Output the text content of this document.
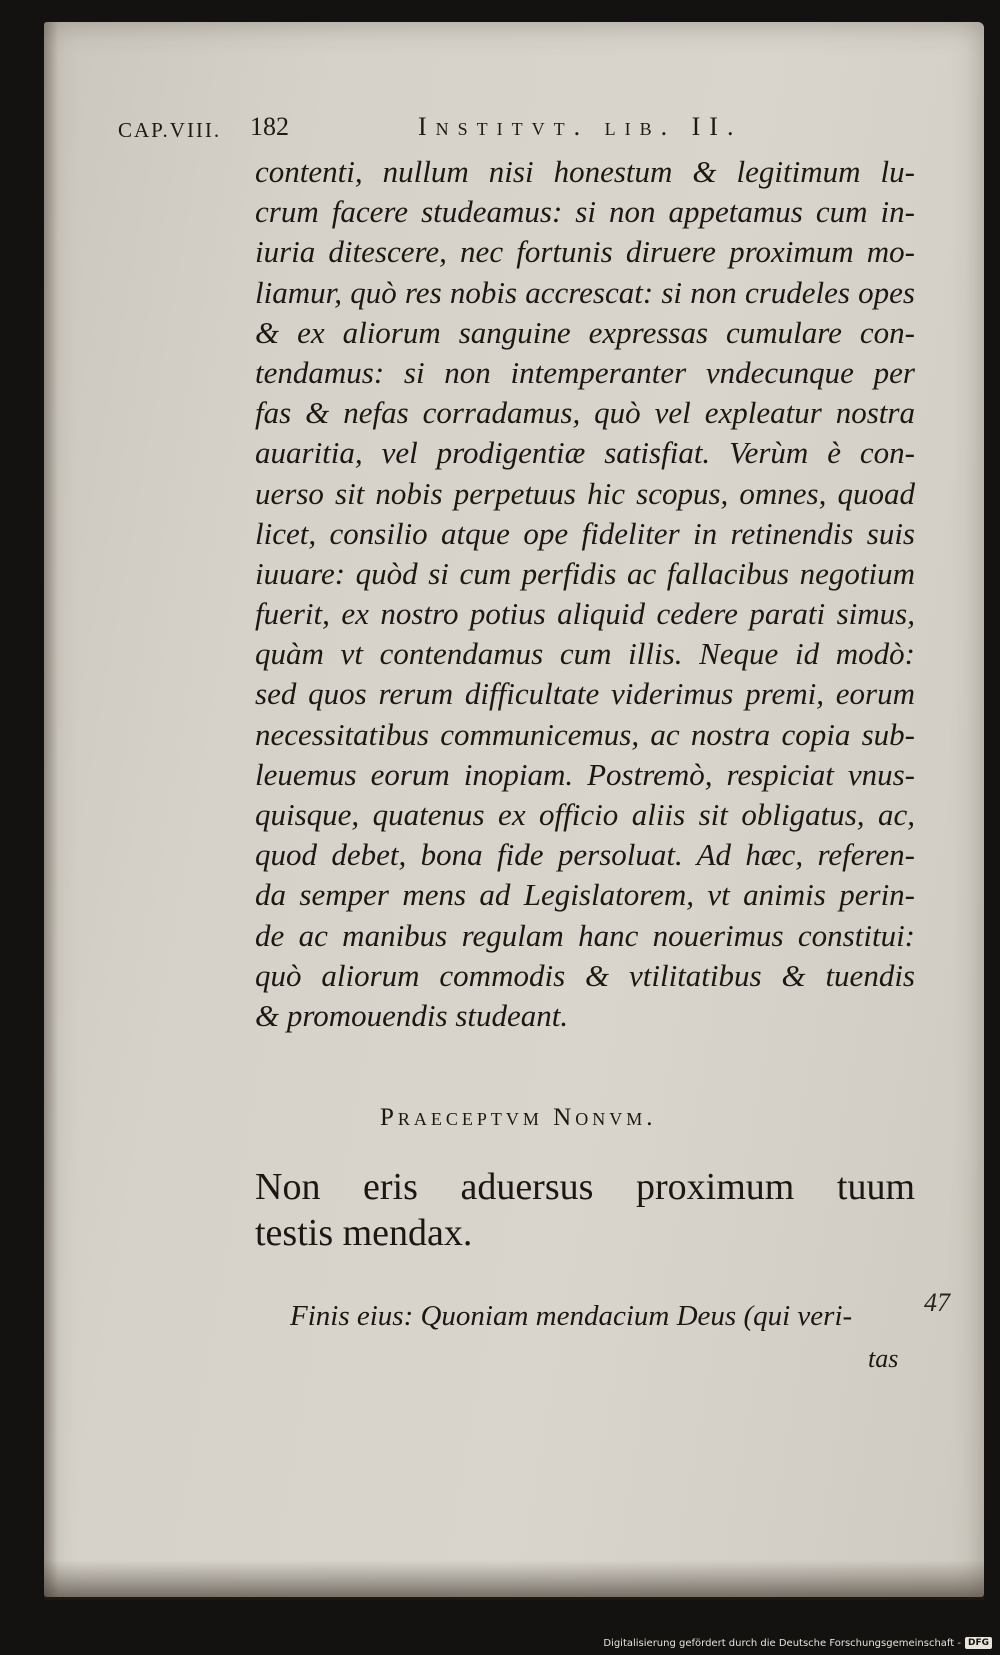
CAP.VIII. 182	Institvt. lib. II.
contenti, nullum nisi honestum & legitimum lu-
crum facere studeamus: si non appetamus cum in-
iuria ditescere, nec fortunis diruere proximum mo-
liamur, quò res nobis accrescat: si non crudeles opes
& ex aliorum sanguine expressas cumulare con-
tendamus: si non intemperanter vndecunque per
fas & nefas corradamus, quò vel expleatur nostra
auaritia, vel prodigentiæ satisfiat. Verùm è con-
uerso sit nobis perpetuus hic scopus, omnes, quoad
licet, consilio atque ope fideliter in retinendis suis
iuuare: quòd si cum perfidis ac fallacibus negotium
fuerit, ex nostro potius aliquid cedere parati simus,
quàm vt contendamus cum illis. Neque id modò:
sed quos rerum difficultate viderimus premi, eorum
necessitatibus communicemus, ac nostra copia sub-
leuemus eorum inopiam. Postremò, respiciat vnus-
quisque, quatenus ex officio aliis sit obligatus, ac,
quod debet, bona fide persoluat. Ad hæc, referen-
da semper mens ad Legislatorem, vt animis perin-
de ac manibus regulam hanc nouerimus constitui:
quò aliorum commodis & vtilitatibus & tuendis
& promouendis studeant.
Praeceptvm Nonvm.
Non eris aduersus proximum tuum
testis mendax.
Finis eius: Quoniam mendacium Deus (qui veri-
tas
47
Digitalisierung gefördert durch die Deutsche Forschungsgemeinschaft - DFG
